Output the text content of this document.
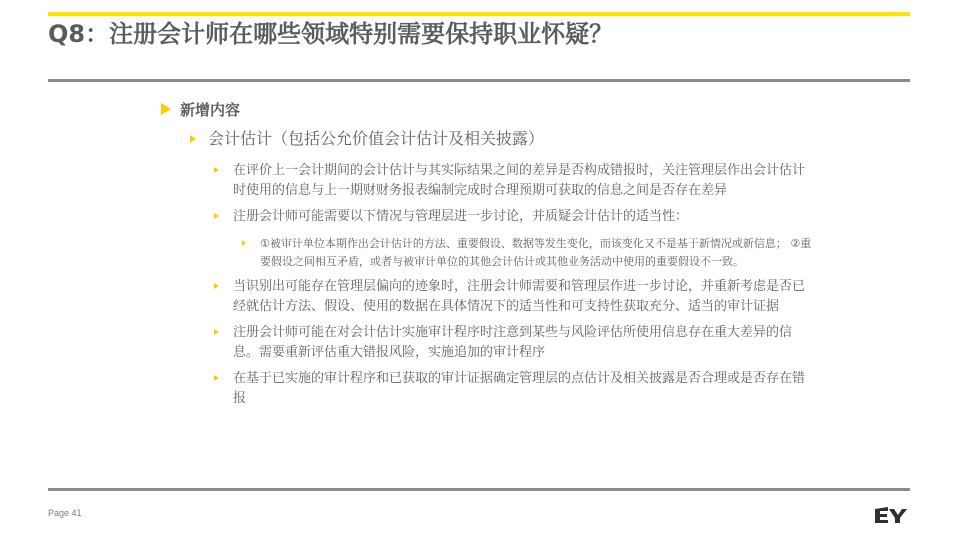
Q8：注册会计师在哪些领域特别需要保持职业怀疑？
新增内容
会计估计（包括公允价值会计估计及相关披露）
在评价上一会计期间的会计估计与其实际结果之间的差异是否构成错报时，关注管理层作出会计估计时使用的信息与上一期财财务报表编制完成时合理预期可获取的信息之间是否存在差异
注册会计师可能需要以下情况与管理层进一步讨论，并质疑会计估计的适当性：
①被审计单位本期作出会计估计的方法、重要假设、数据等发生变化，而该变化又不是基于新情况或新信息； ②重要假设之间相互矛盾，或者与被审计单位的其他会计估计或其他业务活动中使用的重要假设不一致。
当识别出可能存在管理层偏向的迹象时，注册会计师需要和管理层作进一步讨论，并重新考虑是否已经就估计方法、假设、使用的数据在具体情况下的适当性和可支持性获取充分、适当的审计证据
注册会计师可能在对会计估计实施审计程序时注意到某些与风险评估所使用信息存在重大差异的信息。需要重新评估重大错报风险，实施追加的审计程序
在基于已实施的审计程序和已获取的审计证据确定管理层的点估计及相关披露是否合理或是否存在错报
Page 41
